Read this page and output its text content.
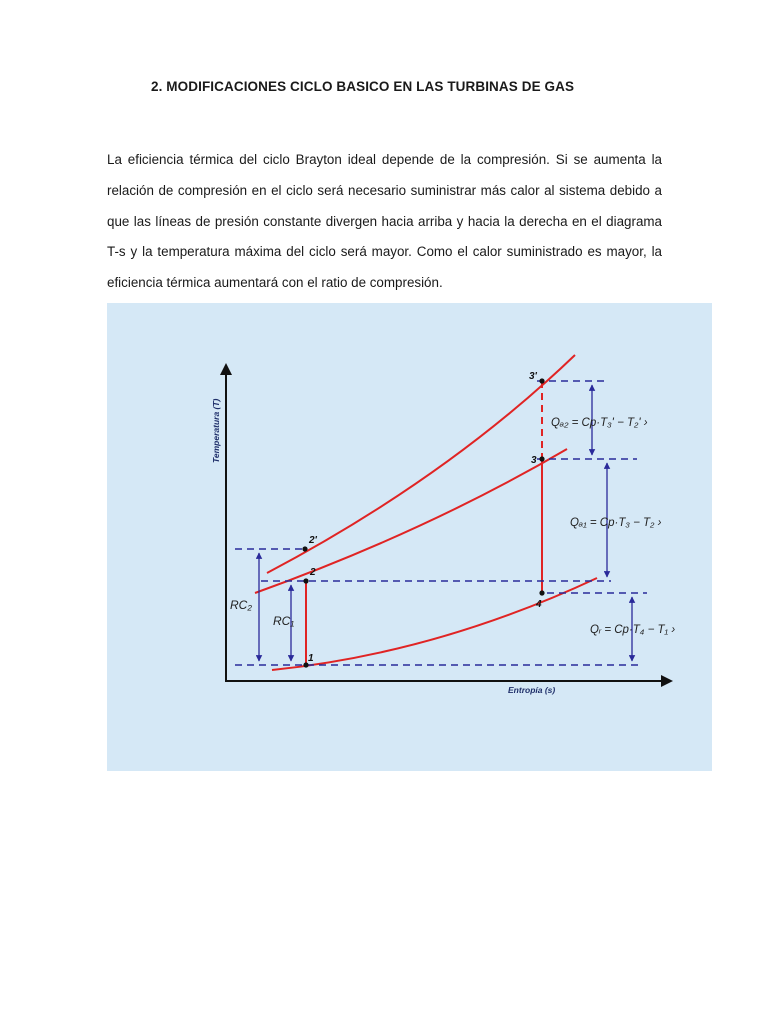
2. MODIFICACIONES CICLO BASICO EN LAS TURBINAS DE GAS

La eficiencia térmica del ciclo Brayton ideal depende de la compresión. Si se aumenta la relación de compresión en el ciclo será necesario suministrar más calor al sistema debido a que las líneas de presión constante divergen hacia arriba y hacia la derecha en el diagrama T-s y la temperatura máxima del ciclo será mayor. Como el calor suministrado es mayor, la eficiencia térmica aumentará con el ratio de compresión.

1
2
2'
3
3'
4
RC₂
RC₁
Qₐ₂ = Cp·T₃' − T₂' ›
Qₐ₁ = Cp·T₃ − T₂ ›
Qᵣ = Cp·T₄ − T₁ ›
Temperatura (T)
Entropía (s)
